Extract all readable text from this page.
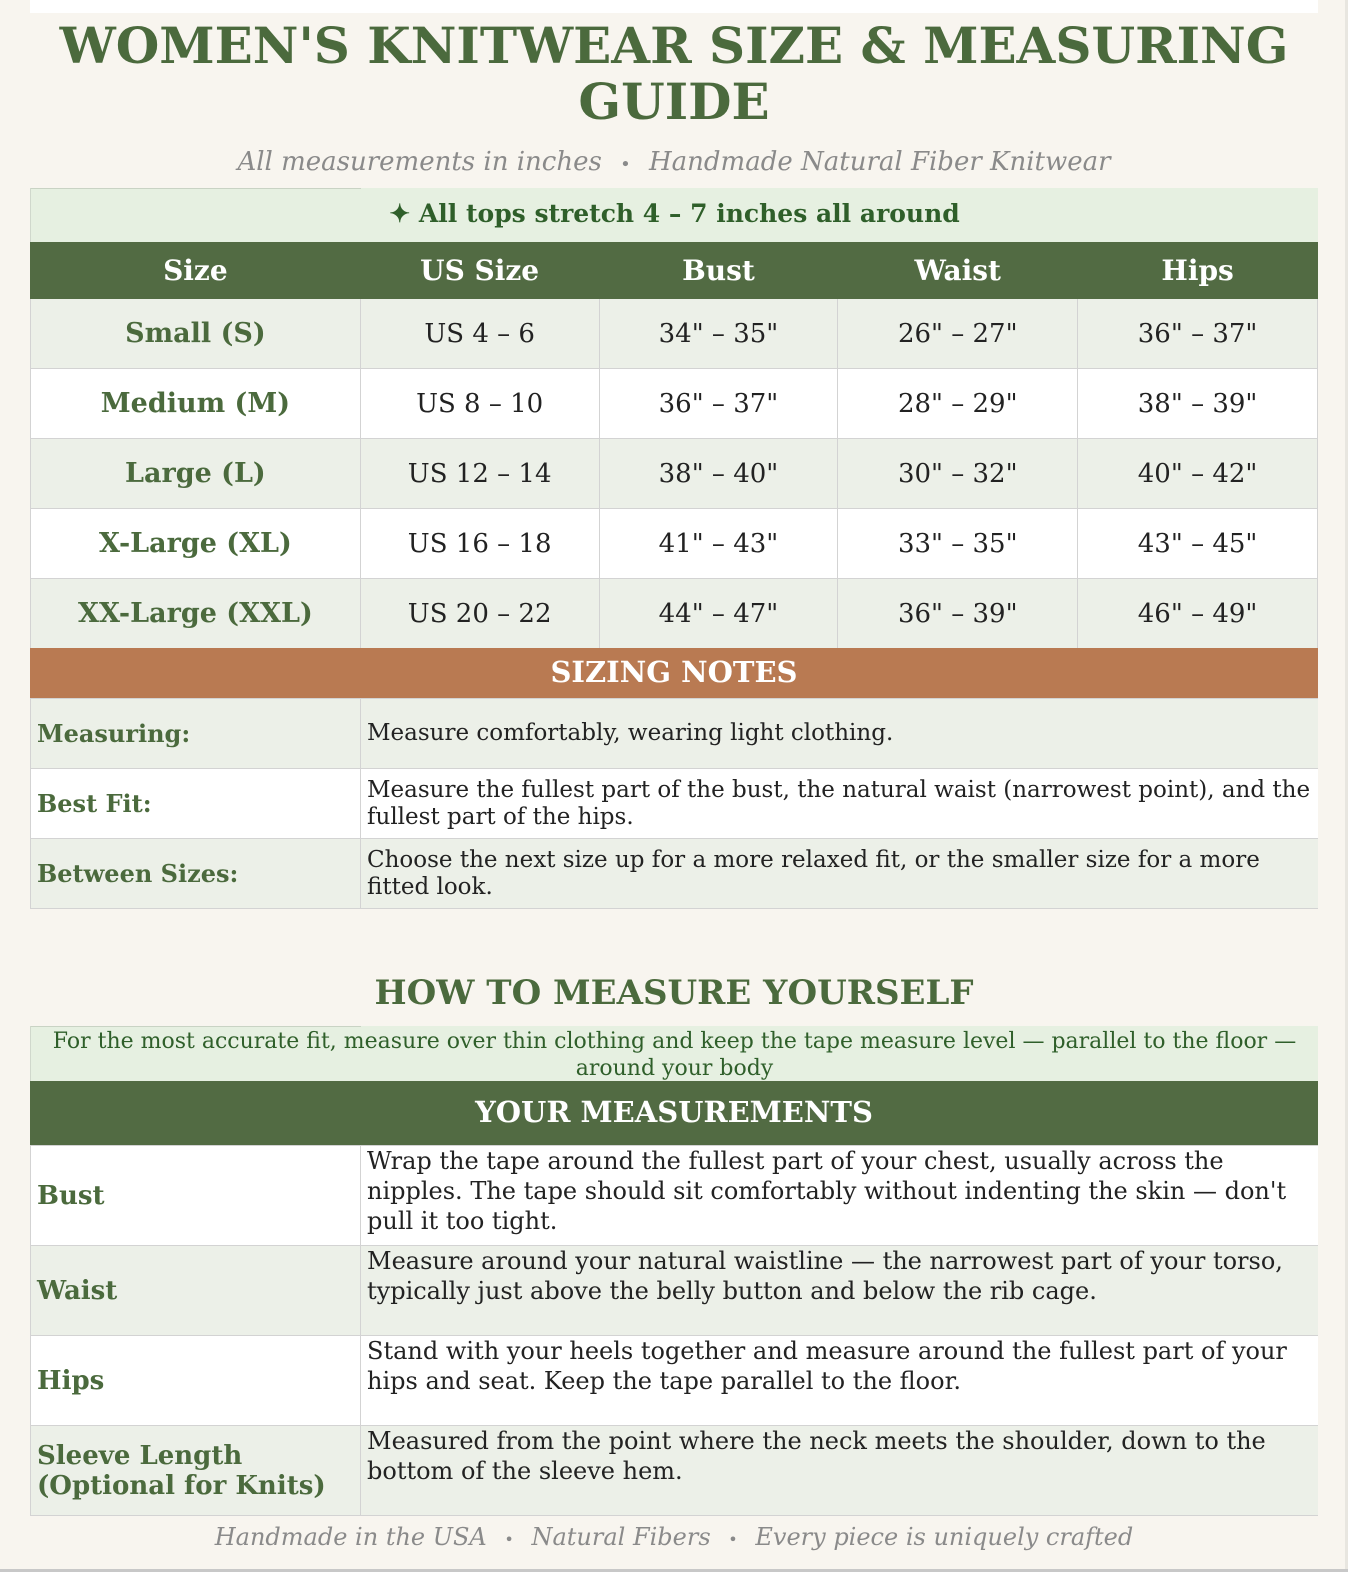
WOMEN'S KNITWEAR SIZE & MEASURING GUIDE
All measurements in inches • Handmade Natural Fiber Knitwear
✦ All tops stretch 4 – 7 inches all around
Size	US Size	Bust	Waist	Hips
Small (S)	US 4 – 6	34" – 35"	26" – 27"	36" – 37"
Medium (M)	US 8 – 10	36" – 37"	28" – 29"	38" – 39"
Large (L)	US 12 – 14	38" – 40"	30" – 32"	40" – 42"
X-Large (XL)	US 16 – 18	41" – 43"	33" – 35"	43" – 45"
XX-Large (XXL)	US 20 – 22	44" – 47"	36" – 39"	46" – 49"
SIZING NOTES
Measuring:	Measure comfortably, wearing light clothing.
Best Fit:	Measure the fullest part of the bust, the natural waist (narrowest point), and the fullest part of the hips.
Between Sizes:	Choose the next size up for a more relaxed fit, or the smaller size for a more fitted look.
HOW TO MEASURE YOURSELF
For the most accurate fit, measure over thin clothing and keep the tape measure level — parallel to the floor — around your body
YOUR MEASUREMENTS
Bust	Wrap the tape around the fullest part of your chest, usually across the nipples. The tape should sit comfortably without indenting the skin — don't pull it too tight.
Waist	Measure around your natural waistline — the narrowest part of your torso, typically just above the belly button and below the rib cage.
Hips	Stand with your heels together and measure around the fullest part of your hips and seat. Keep the tape parallel to the floor.
Sleeve Length (Optional for Knits)	Measured from the point where the neck meets the shoulder, down to the bottom of the sleeve hem.
Handmade in the USA • Natural Fibers • Every piece is uniquely crafted
